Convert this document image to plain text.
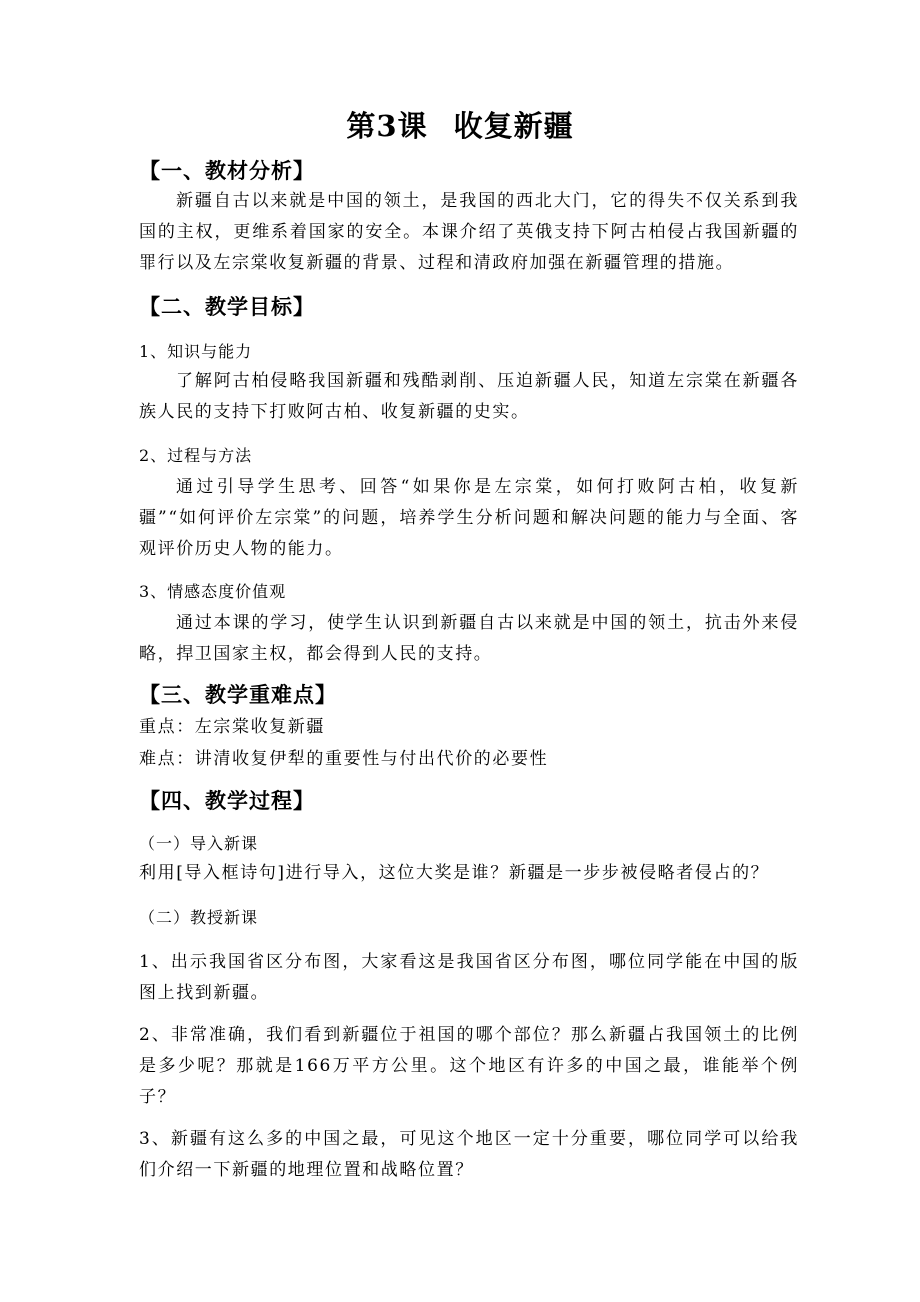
第3课 收复新疆
【一、教材分析】
新疆自古以来就是中国的领土，是我国的西北大门，它的得失不仅关系到我国的主权，更维系着国家的安全。本课介绍了英俄支持下阿古柏侵占我国新疆的罪行以及左宗棠收复新疆的背景、过程和清政府加强在新疆管理的措施。
【二、教学目标】
1、知识与能力
了解阿古柏侵略我国新疆和残酷剥削、压迫新疆人民，知道左宗棠在新疆各族人民的支持下打败阿古柏、收复新疆的史实。
2、过程与方法
通过引导学生思考、回答“如果你是左宗棠，如何打败阿古柏，收复新疆”“如何评价左宗棠”的问题，培养学生分析问题和解决问题的能力与全面、客观评价历史人物的能力。
3、情感态度价值观
通过本课的学习，使学生认识到新疆自古以来就是中国的领土，抗击外来侵略，捍卫国家主权，都会得到人民的支持。
【三、教学重难点】
重点：左宗棠收复新疆
难点：讲清收复伊犁的重要性与付出代价的必要性
【四、教学过程】
（一）导入新课
利用[导入框诗句]进行导入，这位大奖是谁？新疆是一步步被侵略者侵占的？
（二）教授新课
1、出示我国省区分布图，大家看这是我国省区分布图，哪位同学能在中国的版图上找到新疆。
2、非常准确，我们看到新疆位于祖国的哪个部位？那么新疆占我国领土的比例是多少呢？那就是166万平方公里。这个地区有许多的中国之最，谁能举个例子？
3、新疆有这么多的中国之最，可见这个地区一定十分重要，哪位同学可以给我们介绍一下新疆的地理位置和战略位置？
